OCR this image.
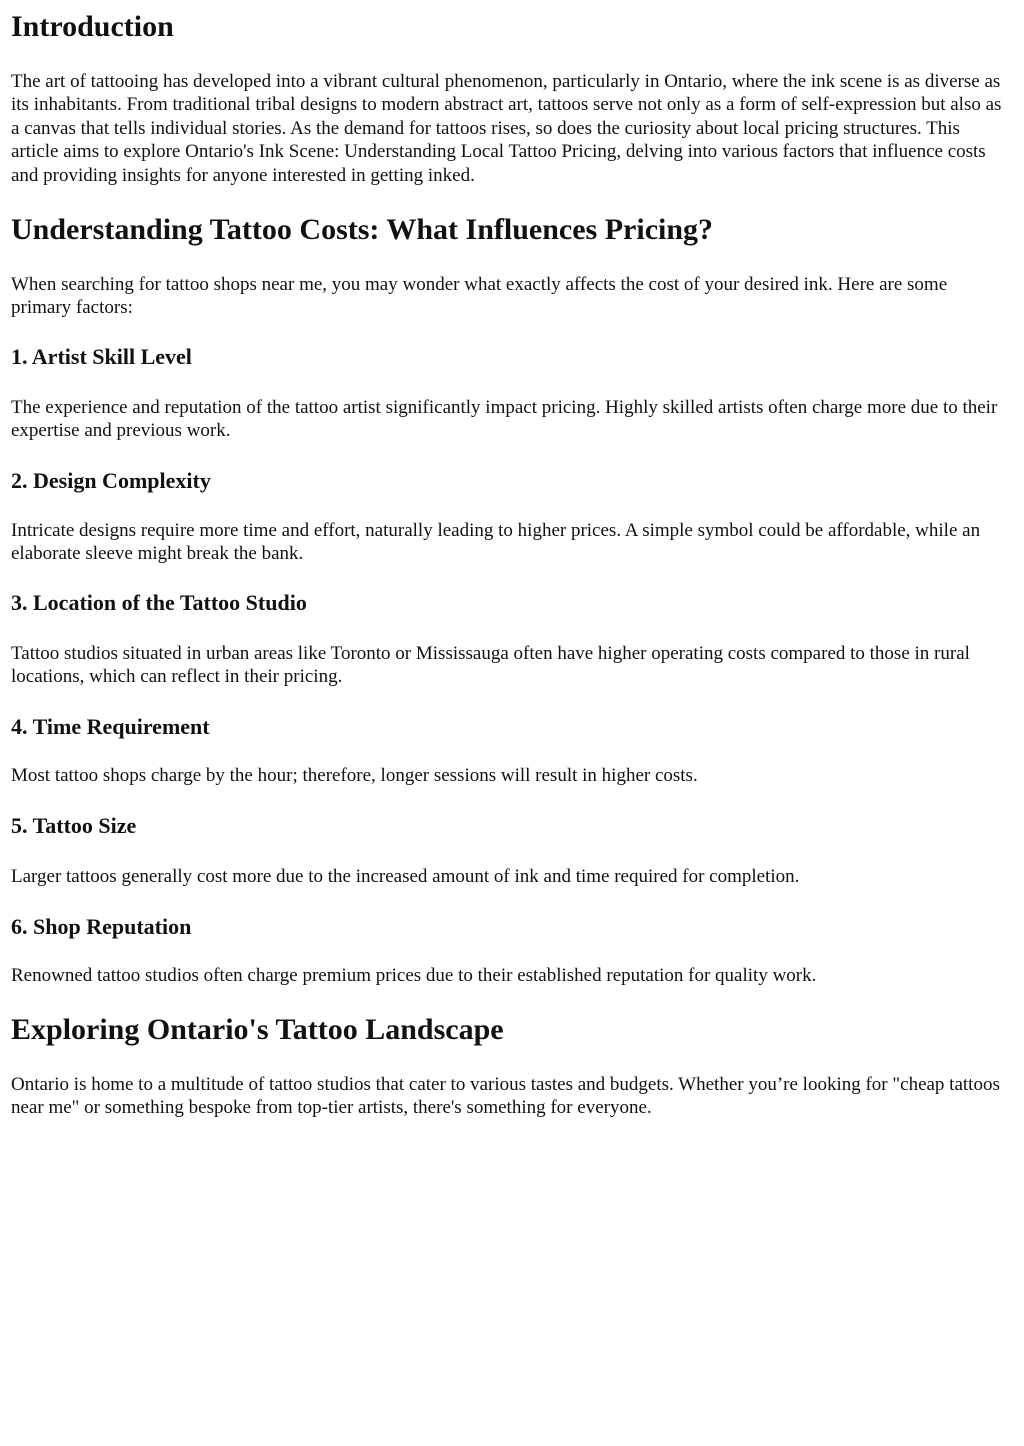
Introduction

The art of tattooing has developed into a vibrant cultural phenomenon, particularly in Ontario, where the ink scene is as diverse as its inhabitants. From traditional tribal designs to modern abstract art, tattoos serve not only as a form of self-expression but also as a canvas that tells individual stories. As the demand for tattoos rises, so does the curiosity about local pricing structures. This article aims to explore Ontario's Ink Scene: Understanding Local Tattoo Pricing, delving into various factors that influence costs and providing insights for anyone interested in getting inked.

Understanding Tattoo Costs: What Influences Pricing?

When searching for tattoo shops near me, you may wonder what exactly affects the cost of your desired ink. Here are some primary factors:

1. Artist Skill Level

The experience and reputation of the tattoo artist significantly impact pricing. Highly skilled artists often charge more due to their expertise and previous work.

2. Design Complexity

Intricate designs require more time and effort, naturally leading to higher prices. A simple symbol could be affordable, while an elaborate sleeve might break the bank.

3. Location of the Tattoo Studio

Tattoo studios situated in urban areas like Toronto or Mississauga often have higher operating costs compared to those in rural locations, which can reflect in their pricing.

4. Time Requirement

Most tattoo shops charge by the hour; therefore, longer sessions will result in higher costs.

5. Tattoo Size

Larger tattoos generally cost more due to the increased amount of ink and time required for completion.

6. Shop Reputation

Renowned tattoo studios often charge premium prices due to their established reputation for quality work.

Exploring Ontario's Tattoo Landscape

Ontario is home to a multitude of tattoo studios that cater to various tastes and budgets. Whether you’re looking for "cheap tattoos near me" or something bespoke from top-tier artists, there's something for everyone.
